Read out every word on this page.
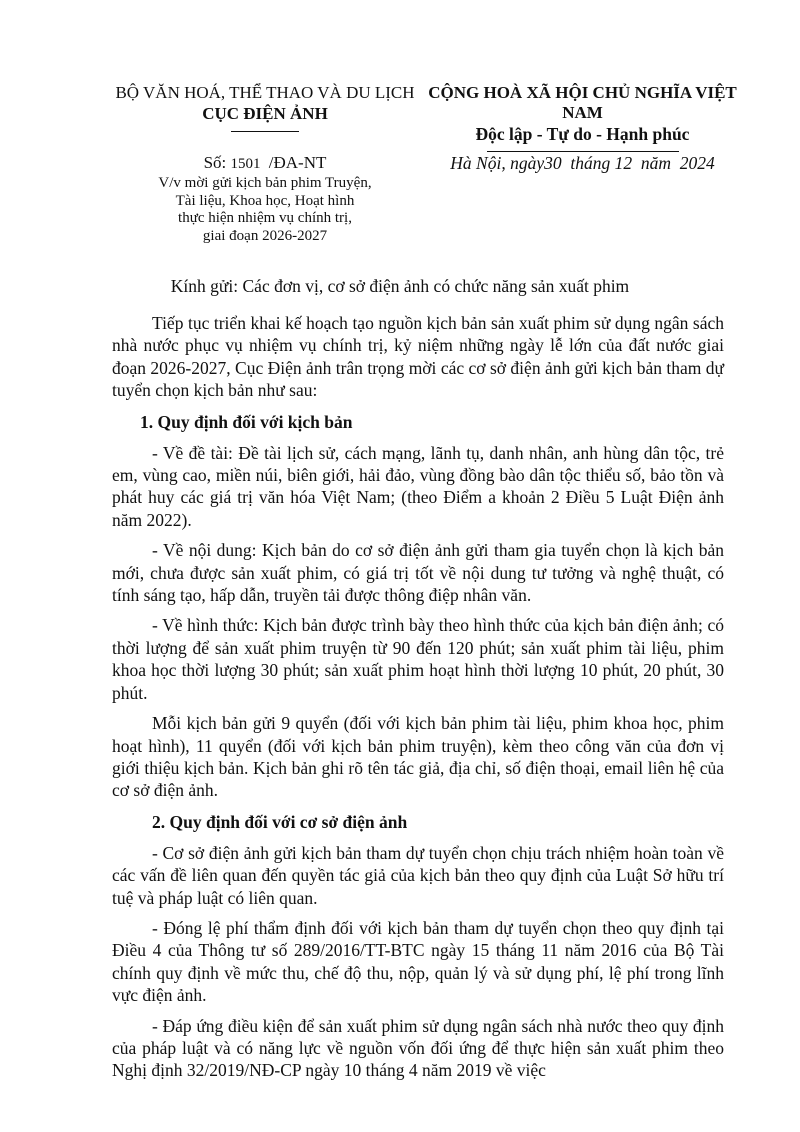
BỘ VĂN HOÁ, THỂ THAO VÀ DU LỊCH
CỤC ĐIỆN ẢNH
CỘNG HOÀ XÃ HỘI CHỦ NGHĨA VIỆT NAM
Độc lập - Tự do - Hạnh phúc
Số: 1501 /ĐA-NT
V/v mời gửi kịch bản phim Truyện,
Tài liệu, Khoa học, Hoạt hình
thực hiện nhiệm vụ chính trị,
giai đoạn 2026-2027
Hà Nội, ngày30  tháng 12  năm  2024
Kính gửi: Các đơn vị, cơ sở điện ảnh có chức năng sản xuất phim

Tiếp tục triển khai kế hoạch tạo nguồn kịch bản sản xuất phim sử dụng ngân sách nhà nước phục vụ nhiệm vụ chính trị, kỷ niệm những ngày lễ lớn của đất nước giai đoạn 2026-2027, Cục Điện ảnh trân trọng mời các cơ sở điện ảnh gửi kịch bản tham dự tuyển chọn kịch bản như sau:

1. Quy định đối với kịch bản

- Về đề tài: Đề tài lịch sử, cách mạng, lãnh tụ, danh nhân, anh hùng dân tộc, trẻ em, vùng cao, miền núi, biên giới, hải đảo, vùng đồng bào dân tộc thiểu số, bảo tồn và phát huy các giá trị văn hóa Việt Nam; (theo Điểm a khoản 2 Điều 5 Luật Điện ảnh năm 2022).

- Về nội dung: Kịch bản do cơ sở điện ảnh gửi tham gia tuyển chọn là kịch bản mới, chưa được sản xuất phim, có giá trị tốt về nội dung tư tưởng và nghệ thuật, có tính sáng tạo, hấp dẫn, truyền tải được thông điệp nhân văn.

- Về hình thức: Kịch bản được trình bày theo hình thức của kịch bản điện ảnh; có thời lượng để sản xuất phim truyện từ 90 đến 120 phút; sản xuất phim tài liệu, phim khoa học thời lượng 30 phút; sản xuất phim hoạt hình thời lượng 10 phút, 20 phút, 30 phút.

Mỗi kịch bản gửi 9 quyển (đối với kịch bản phim tài liệu, phim khoa học, phim hoạt hình), 11 quyển (đối với kịch bản phim truyện), kèm theo công văn của đơn vị giới thiệu kịch bản. Kịch bản ghi rõ tên tác giả, địa chỉ, số điện thoại, email liên hệ của cơ sở điện ảnh.

2. Quy định đối với cơ sở điện ảnh

- Cơ sở điện ảnh gửi kịch bản tham dự tuyển chọn chịu trách nhiệm hoàn toàn về các vấn đề liên quan đến quyền tác giả của kịch bản theo quy định của Luật Sở hữu trí tuệ và pháp luật có liên quan.

- Đóng lệ phí thẩm định đối với kịch bản tham dự tuyển chọn theo quy định tại Điều 4 của Thông tư số 289/2016/TT-BTC ngày 15 tháng 11 năm 2016 của Bộ Tài chính quy định về mức thu, chế độ thu, nộp, quản lý và sử dụng phí, lệ phí trong lĩnh vực điện ảnh.

- Đáp ứng điều kiện để sản xuất phim sử dụng ngân sách nhà nước theo quy định của pháp luật và có năng lực về nguồn vốn đối ứng để thực hiện sản xuất phim theo Nghị định 32/2019/NĐ-CP ngày 10 tháng 4 năm 2019 về việc
